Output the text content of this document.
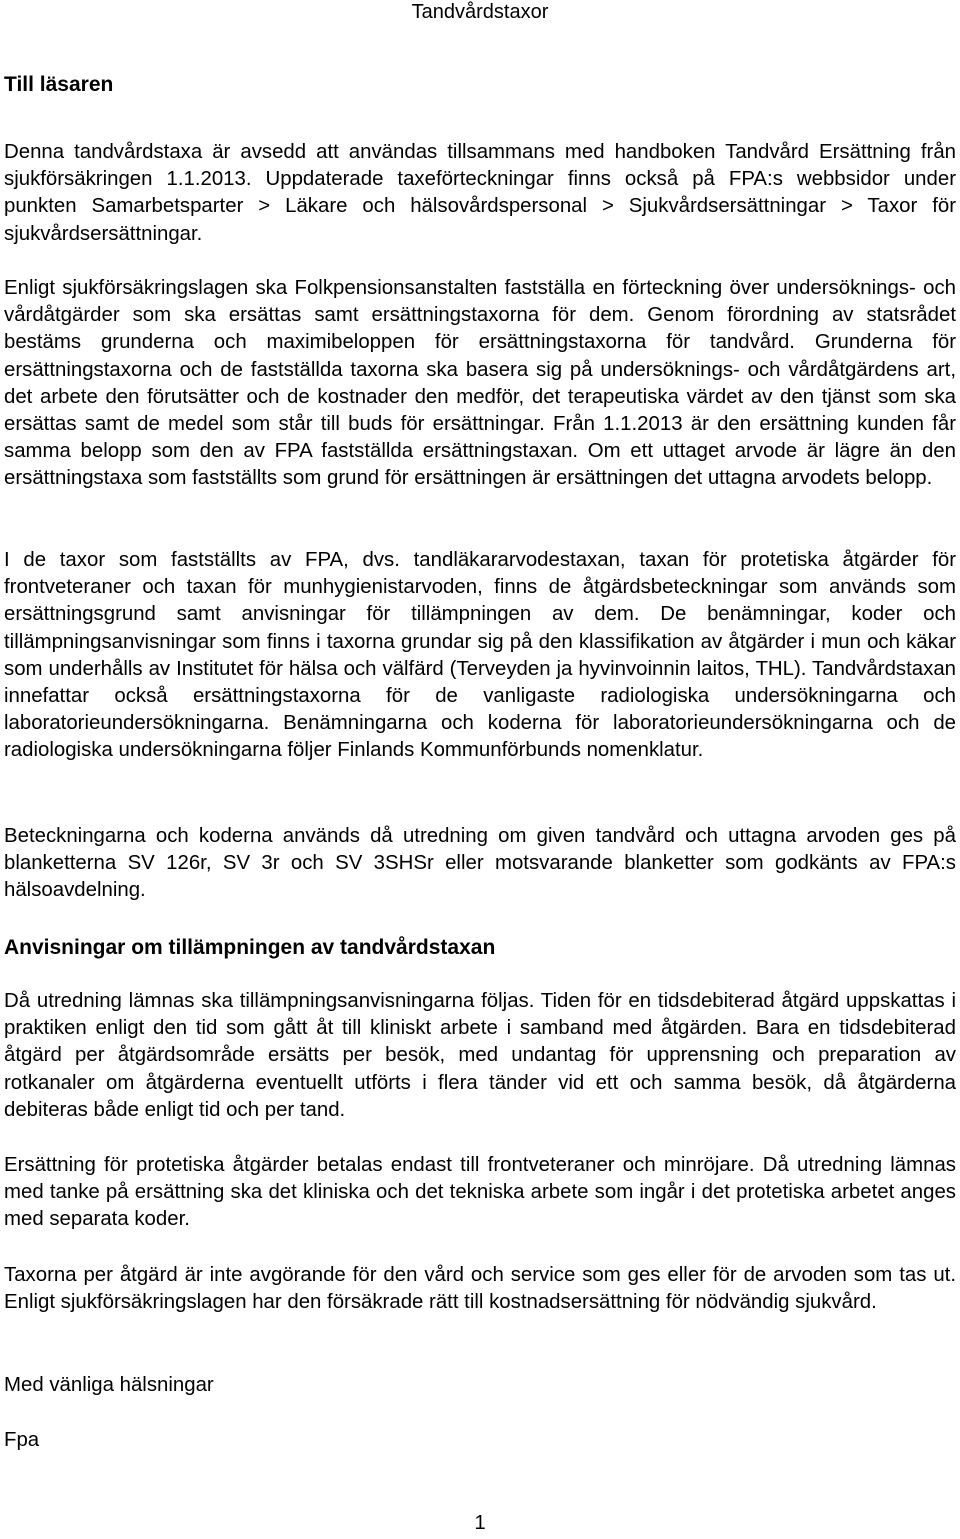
Tandvårdstaxor
Till läsaren

Denna tandvårdstaxa är avsedd att användas tillsammans med handboken Tandvård Ersättning från sjukförsäkringen 1.1.2013. Uppdaterade taxeförteckningar finns också på FPA:s webbsidor under punkten Samarbetsparter > Läkare och hälsovårdspersonal > Sjukvårdsersättningar > Taxor för sjukvårdsersättningar.

Enligt sjukförsäkringslagen ska Folkpensionsanstalten fastställa en förteckning över undersöknings- och vårdåtgärder som ska ersättas samt ersättningstaxorna för dem. Genom förordning av statsrådet bestäms grunderna och maximibeloppen för ersättningstaxorna för tandvård. Grunderna för ersättningstaxorna och de fastställda taxorna ska basera sig på undersöknings- och vårdåtgärdens art, det arbete den förutsätter och de kostnader den medför, det terapeutiska värdet av den tjänst som ska ersättas samt de medel som står till buds för ersättningar. Från 1.1.2013 är den ersättning kunden får samma belopp som den av FPA fastställda ersättningstaxan. Om ett uttaget arvode är lägre än den ersättningstaxa som fastställts som grund för ersättningen är ersättningen det uttagna arvodets belopp.

I de taxor som fastställts av FPA, dvs. tandläkararvodestaxan, taxan för protetiska åtgärder för frontveteraner och taxan för munhygienistarvoden, finns de åtgärdsbeteckningar som används som ersättningsgrund samt anvisningar för tillämpningen av dem. De benämningar, koder och tillämpningsanvisningar som finns i taxorna grundar sig på den klassifikation av åtgärder i mun och käkar som underhålls av Institutet för hälsa och välfärd (Terveyden ja hyvinvoinnin laitos, THL). Tandvårdstaxan innefattar också ersättningstaxorna för de vanligaste radiologiska undersökningarna och laboratorieundersökningarna. Benämningarna och koderna för laboratorieundersökningarna och de radiologiska undersökningarna följer Finlands Kommunförbunds nomenklatur.

Beteckningarna och koderna används då utredning om given tandvård och uttagna arvoden ges på blanketterna SV 126r, SV 3r och SV 3SHSr eller motsvarande blanketter som godkänts av FPA:s hälsoavdelning.

Anvisningar om tillämpningen av tandvårdstaxan

Då utredning lämnas ska tillämpningsanvisningarna följas. Tiden för en tidsdebiterad åtgärd uppskattas i praktiken enligt den tid som gått åt till kliniskt arbete i samband med åtgärden. Bara en tidsdebiterad åtgärd per åtgärdsområde ersätts per besök, med undantag för upprensning och preparation av rotkanaler om åtgärderna eventuellt utförts i flera tänder vid ett och samma besök, då åtgärderna debiteras både enligt tid och per tand.

Ersättning för protetiska åtgärder betalas endast till frontveteraner och minröjare. Då utredning lämnas med tanke på ersättning ska det kliniska och det tekniska arbete som ingår i det protetiska arbetet anges med separata koder.

Taxorna per åtgärd är inte avgörande för den vård och service som ges eller för de arvoden som tas ut. Enligt sjukförsäkringslagen har den försäkrade rätt till kostnadsersättning för nödvändig sjukvård.

Med vänliga hälsningar

Fpa

1
